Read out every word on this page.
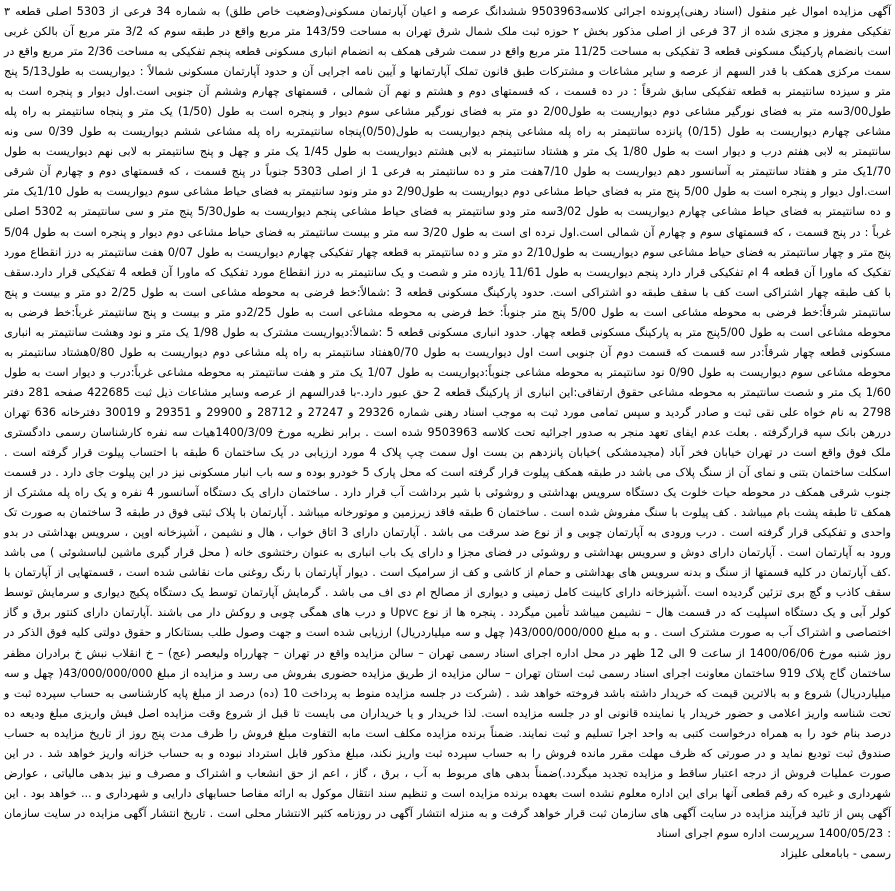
آگهی مزایده اموال غیر منقول (اسناد رهنی)پرونده اجرائی کلاسه9503963 ششدانگ عرصه و اعیان آپارتمان مسکونی(وضعیت خاص طلق) به شماره 34 فرعی از 5303 اصلی قطعه ۳ تفکیکی مفروز و مجزی شده از 37 فرعی از اصلی مذکور بخش ۲ حوزه ثبت ملک شمال شرق تهران به مساحت 143/59 متر مربع واقع در طبقه سوم که 3/2 متر مربع آن بالکن غربی است بانضمام پارکینگ مسکونی قطعه 3 تفکیکی به مساحت 11/25 متر مربع واقع در سمت شرقی همکف به انضمام انباری مسکونی قطعه پنجم تفکیکی به مساحت 2/36 متر مربع واقع در سمت مرکزی همکف با قدر السهم از عرصه و سایر مشاعات و مشترکات طبق قانون تملک آپارتمانها و آیین نامه اجرایی آن و حدود آپارتمان مسکونی شمالاً : دیواریست به طول5/13 پنج متر و سیزده سانتیمتر به قطعه تفکیکی سابق شرقاً : در ده قسمت ، که قسمتهای دوم و هشتم و نهم آن شمالی ، قسمتهای چهارم وششم آن جنوبی است.اول دیوار و پنجره است به طول3/00سه متر به فضای نورگیر مشاعی دوم دیواریست به طول2/00 دو متر به فضای نورگیر مشاعی سوم دیوار و پنجره است به طول (1/50) یک متر و پنجاه سانتیمتر به راه پله مشاعی چهارم دیواریست به طول (0/15) پانزده سانتیمتر به راه پله مشاعی پنجم دیواریست به طول(0/50)پنجاه سانتیمتربه راه پله مشاعی ششم دیواریست به طول 0/39 سی ونه سانتیمتر به لابی هفتم درب و دیوار است به طول 1/80 یک متر و هشتاد سانتیمتر به لابی هشتم دیواریست به طول 1/45 یک متر و چهل و پنج سانتیمتر به لابی نهم دیواریست به طول 1/70یک متر و هفتاد سانتیمتر به آسانسور دهم دیواریست به طول 7/10هفت متر و ده سانتیمتر به فرعی 1 از اصلی 5303 جنوباً در پنج قسمت ، که قسمتهای دوم و چهارم آن شرقی است.اول دیوار و پنجره است به طول 5/00 پنج متر به فضای حیاط مشاعی دوم دیواریست به طول2/90 دو متر ونود سانتیمتر به فضای حیاط مشاعی سوم دیواریست به طول 1/10یک متر و ده سانتیمتر به فضای حیاط مشاعی چهارم دیواریست به طول 3/02سه متر ودو سانتیمتر به فضای حیاط مشاعی پنجم دیواریست به طول5/30 پنج متر و سی سانتیمتر به 5302 اصلی غرباً : در پنج قسمت ، که قسمتهای سوم و چهارم آن شمالی است.اول نرده ای است به طول 3/20 سه متر و بیست سانتیمتر به فضای حیاط مشاعی دوم دیوار و پنجره است به طول 5/04 پنج متر و چهار سانتیمتر به فضای حیاط مشاعی سوم دیواریست به طول2/10 دو متر و ده سانتیمتر به قطعه چهار تفکیکی چهارم دیواریست به طول 0/07 هفت سانتیمتر به درز انقطاع مورد تفکیک که ماورا آن قطعه 4 ام تفکیکی قرار دارد پنجم دیواریست به طول 11/61 یازده متر و شصت و یک سانتیمتر به درز انقطاع مورد تفکیک که ماورا آن قطعه 4 تفکیکی قرار دارد.سقف با کف طبقه چهار اشتراکی است کف با سقف طبقه دو اشتراکی است. حدود پارکینگ مسکونی قطعه 3 :شمالاً:خط فرضی به محوطه مشاعی است به طول 2/25 دو متر و بیست و پنج سانتیمتر شرقاً:خط فرضی به محوطه مشاعی است به طول 5/00 پنج متر جنوباً: خط فرضی به محوطه مشاعی است به طول 2/25دو متر و بیست و پنج سانتیمتر غرباً:خط فرضی به محوطه مشاعی است به طول 5/00پنج متر به پارکینگ مسکونی قطعه چهار. حدود انباری مسکونی قطعه 5 :شمالاً:دیواریست مشترک به طول 1/98 یک متر و نود وهشت سانتیمتر به انباری مسکونی قطعه چهار شرقاً:در سه قسمت که قسمت دوم آن جنوبی است اول دیواریست به طول 0/70هفتاد سانتیمتر به راه پله مشاعی دوم دیواریست به طول 0/80هشتاد سانتیمتر به محوطه مشاعی سوم دیواریست به طول 0/90 نود سانتیمتر به محوطه مشاعی جنوباً:دیواریست به طول 1/07 یک متر و هفت سانتیمتر به محوطه مشاعی غرباً:درب و دیوار است به طول 1/60 یک متر و شصت سانتیمتر به محوطه مشاعی حقوق ارتفاقی:این انباری از پارکینگ قطعه 2 حق عبور دارد.-با قدرالسهم از عرصه وسایر مشاعات ذیل ثبت 422685 صفحه 281 دفتر 2798 به نام خواه علی نقی ثبت و صادر گردید و سپس تمامی مورد ثبت به موجب اسناد رهنی شماره 29326 و 27247 و 28712 و 29900 و 29351 و 30019 دفترخانه 636 تهران دررهن بانک سپه قرارگرفته . بعلت عدم ایفای تعهد منجر به صدور اجرائیه تحت کلاسه 9503963 شده است . برابر نظریه مورخ 1400/3/09هیات سه نفره کارشناسان رسمی دادگستری ملک فوق واقع است در تهران خیابان فخر آباد (مجیدمشکی )خیابان پانزدهم بن بست اول سمت چپ پلاک 4 مورد ارزیابی در یک ساختمان 6 طبقه با احتساب پیلوت قرار گرفته است . اسکلت ساختمان بتنی و نمای آن از سنگ پلاک می باشد در طبقه همکف پیلوت قرار گرفته است که محل پارک 5 خودرو بوده و سه باب انبار مسکونی نیز در این پیلوت جای دارد . در قسمت جنوب شرقی همکف در محوطه حیات خلوت یک دستگاه سرویس بهداشتی و روشوئی با شیر برداشت آب قرار دارد . ساختمان دارای یک دستگاه آسانسور 4 نفره و یک راه پله مشترک از همکف تا طبقه پشت بام میباشد . کف پیلوت با سنگ مفروش شده است . ساختمان 6 طبقه فاقد زیرزمین و موتورخانه میباشد . آپارتمان با پلاک ثبتی فوق در طبقه 3 ساختمان به صورت تک واحدی و تفکیکی قرار گرفته است . درب ورودی به آپارتمان چوبی و از نوع ضد سرقت می باشد . آپارتمان دارای 3 اتاق خواب ، هال و نشیمن ، آشپزخانه اوپن ، سرویس بهداشتی در بدو ورود به آپارتمان است . آپارتمان دارای دوش و سرویس بهداشتی و روشوئی در فضای مجزا و دارای یک باب انباری به عنوان رختشوی خانه ( محل قرار گیری ماشین لباسشوئی ) می باشد .کف آپارتمان در کلیه قسمتها از سنگ و بدنه سرویس های بهداشتی و حمام از کاشی و کف از سرامیک است . دیوار آپارتمان با رنگ روغنی مات نقاشی شده است ، قسمتهایی از آپارتمان با سقف کاذب و گچ بری تزئین گردیده است .آشپزخانه دارای کابینت کامل زمینی و دیواری از مصالح ام دی اف می باشد . گرمایش آپارتمان توسط یک دستگاه پکیج دیواری و سرمایش توسط کولر آبی و یک دستگاه اسپلیت که در قسمت هال – نشیمن میباشد تأمین میگردد . پنجره ها از نوع Upvc و درب های همگی چوبی و روکش دار می باشند .آپارتمان دارای کنتور برق و گاز اختصاصی و اشتراک آب به صورت مشترک است . و به مبلغ 43/000/000/000( چهل و سه میلیاردریال) ارزیابی شده است و جهت وصول طلب بستانکار و حقوق دولتی کلیه فوق الذکر در روز شنبه مورخ 1400/06/06 از ساعت 9 الی 12 ظهر در محل اداره اجرای اسناد رسمی تهران – سالن مزایده واقع در تهران – چهارراه ولیعصر (عج) – خ انقلاب نبش خ برادران مظفر ساختمان گاج پلاک 919 ساختمان معاونت اجرای اسناد رسمی ثبت استان تهران – سالن مزایده از طریق مزایده حضوری بفروش می رسد و مزایده از مبلغ 43/000/000/000( چهل و سه میلیاردریال) شروع و به بالاترین قیمت که خریدار داشته باشد فروخته خواهد شد . (شرکت در جلسه مزایده منوط به پرداخت 10 (ده) درصد از مبلغ پایه کارشناسی به حساب سپرده ثبت و تحت شناسه واریز اعلامی و حضور خریدار یا نماینده قانونی او در جلسه مزایده است. لذا خریدار و یا خریداران می بایست تا قبل از شروع وقت مزایده اصل فیش واریزی مبلغ ودیعه ده درصد بنام خود را به همراه درخواست کتبی به واحد اجرا تسلیم و ثبت نمایند. ضمناً برنده مزایده مکلف است مابه التفاوت مبلغ فروش را ظرف مدت پنج روز از تاریخ مزایده به حساب صندوق ثبت تودیع نماید و در صورتی که ظرف مهلت مقرر مانده فروش را به حساب سپرده ثبت واریز نکند، مبلغ مذکور قابل استرداد نبوده و به حساب خزانه واریز خواهد شد . در این صورت عملیات فروش از درجه اعتبار ساقط و مزایده تجدید میگردد.)ضمناً بدهی های مربوط به آب ، برق ، گاز ، اعم از حق انشعاب و اشتراک و مصرف و نیز بدهی مالیاتی ، عوارض شهرداری و غیره که رقم قطعی آنها برای این اداره معلوم نشده است بعهده برنده مزایده است و تنظیم سند انتقال موکول به ارائه مفاصا حسابهای دارایی و شهرداری و ... خواهد بود . این آگهی پس از تائید فرآیند مزایده در سایت آگهی های سازمان ثبت قرار خواهد گرفت و به منزله انتشار آگهی در روزنامه کثیر الانتشار محلی است . تاریخ انتشار آگهی مزایده در سایت سازمان : 1400/05/23 سرپرست اداره سوم اجرای اسناد

رسمی - بابامعلی علیزاد
